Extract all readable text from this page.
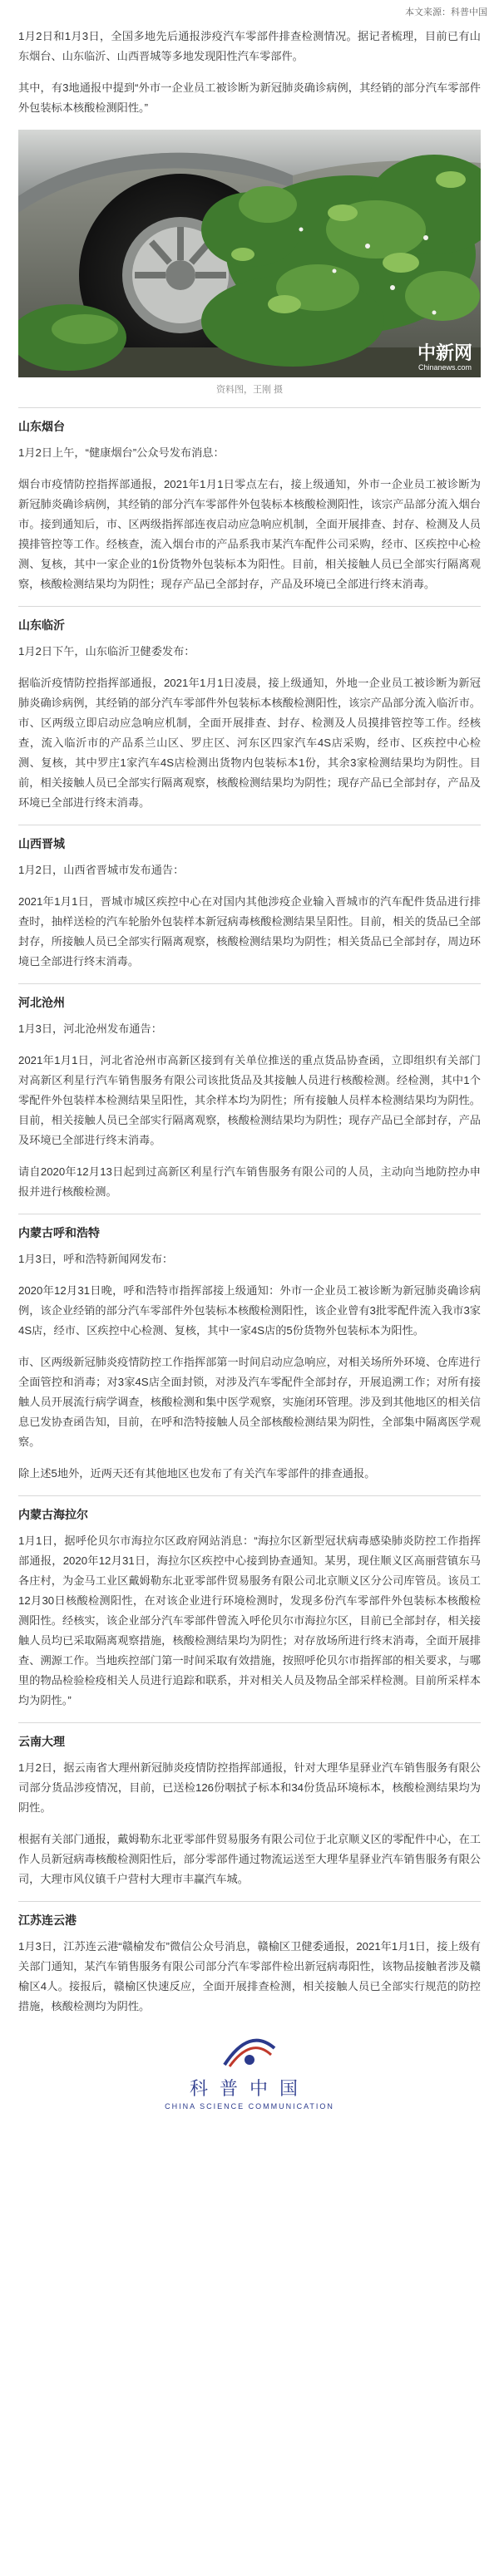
本文来源：科普中国

1月2日和1月3日，全国多地先后通报涉疫汽车零部件排查检测情况。据记者梳理，目前已有山东烟台、山东临沂、山西晋城等多地发现阳性汽车零部件。

其中，有3地通报中提到“外市一企业员工被诊断为新冠肺炎确诊病例，其经销的部分汽车零部件外包装标本核酸检测阳性。”

中新网
Chinanews.com
资料图，王刚 摄
山东烟台

1月2日上午，“健康烟台”公众号发布消息：

烟台市疫情防控指挥部通报，2021年1月1日零点左右，接上级通知，外市一企业员工被诊断为新冠肺炎确诊病例，其经销的部分汽车零部件外包装标本核酸检测阳性，该宗产品部分流入烟台市。接到通知后，市、区两级指挥部连夜启动应急响应机制，全面开展排查、封存、检测及人员摸排管控等工作。经核查，流入烟台市的产品系我市某汽车配件公司采购，经市、区疾控中心检测、复核，其中一家企业的1份货物外包装标本为阳性。目前，相关接触人员已全部实行隔离观察，核酸检测结果均为阴性；现存产品已全部封存，产品及环境已全部进行终末消毒。

山东临沂

1月2日下午，山东临沂卫健委发布：

据临沂疫情防控指挥部通报，2021年1月1日凌晨，接上级通知，外地一企业员工被诊断为新冠肺炎确诊病例，其经销的部分汽车零部件外包装标本核酸检测阳性，该宗产品部分流入临沂市。市、区两级立即启动应急响应机制，全面开展排查、封存、检测及人员摸排管控等工作。经核查，流入临沂市的产品系兰山区、罗庄区、河东区四家汽车4S店采购，经市、区疾控中心检测、复核，其中罗庄1家汽车4S店检测出货物内包装标本1份，其余3家检测结果均为阴性。目前，相关接触人员已全部实行隔离观察，核酸检测结果均为阴性；现存产品已全部封存，产品及环境已全部进行终末消毒。

山西晋城

1月2日，山西省晋城市发布通告：

2021年1月1日，晋城市城区疾控中心在对国内其他涉疫企业输入晋城市的汽车配件货品进行排查时，抽样送检的汽车轮胎外包装样本新冠病毒核酸检测结果呈阳性。目前，相关的货品已全部封存，所接触人员已全部实行隔离观察，核酸检测结果均为阴性；相关货品已全部封存，周边环境已全部进行终末消毒。

河北沧州

1月3日，河北沧州发布通告：

2021年1月1日，河北省沧州市高新区接到有关单位推送的重点货品协查函，立即组织有关部门对高新区利星行汽车销售服务有限公司该批货品及其接触人员进行核酸检测。经检测，其中1个零配件外包装样本检测结果呈阳性，其余样本均为阴性；所有接触人员样本检测结果均为阴性。目前，相关接触人员已全部实行隔离观察，核酸检测结果均为阴性；现存产品已全部封存，产品及环境已全部进行终末消毒。

请自2020年12月13日起到过高新区利星行汽车销售服务有限公司的人员，主动向当地防控办申报并进行核酸检测。

内蒙古呼和浩特

1月3日，呼和浩特新闻网发布：

2020年12月31日晚，呼和浩特市指挥部接上级通知：外市一企业员工被诊断为新冠肺炎确诊病例，该企业经销的部分汽车零部件外包装标本核酸检测阳性，该企业曾有3批零配件流入我市3家4S店，经市、区疾控中心检测、复核，其中一家4S店的5份货物外包装标本为阳性。

市、区两级新冠肺炎疫情防控工作指挥部第一时间启动应急响应，对相关场所外环境、仓库进行全面管控和消毒；对3家4S店全面封锁，对涉及汽车零配件全部封存，开展追溯工作；对所有接触人员开展流行病学调查，核酸检测和集中医学观察，实施闭环管理。涉及到其他地区的相关信息已发协查函告知，目前，在呼和浩特接触人员全部核酸检测结果为阴性，全部集中隔离医学观察。

除上述5地外，近两天还有其他地区也发布了有关汽车零部件的排查通报。

内蒙古海拉尔

1月1日，据呼伦贝尔市海拉尔区政府网站消息：“海拉尔区新型冠状病毒感染肺炎防控工作指挥部通报，2020年12月31日，海拉尔区疾控中心接到协查通知。某男，现住顺义区高丽营镇东马各庄村，为金马工业区戴姆勒东北亚零部件贸易服务有限公司北京顺义区分公司库管员。该员工12月30日核酸检测阳性，在对该企业进行环境检测时，发现多份汽车零部件外包装标本核酸检测阳性。经核实，该企业部分汽车零部件曾流入呼伦贝尔市海拉尔区，目前已全部封存，相关接触人员均已采取隔离观察措施，核酸检测结果均为阴性；对存放场所进行终末消毒，全面开展排查、溯源工作。当地疾控部门第一时间采取有效措施，按照呼伦贝尔市指挥部的相关要求，与哪里的物品检验检疫相关人员进行追踪和联系，并对相关人员及物品全部采样检测。目前所采样本均为阴性。”

云南大理

1月2日，据云南省大理州新冠肺炎疫情防控指挥部通报，针对大理华星驿业汽车销售服务有限公司部分货品涉疫情况，目前，已送检126份咽拭子标本和34份货品环境标本，核酸检测结果均为阴性。

根据有关部门通报，戴姆勒东北亚零部件贸易服务有限公司位于北京顺义区的零配件中心，在工作人员新冠病毒核酸检测阳性后，部分零部件通过物流运送至大理华星驿业汽车销售服务有限公司，大理市风仪镇千户营村大理市丰赢汽车城。

江苏连云港

1月3日，江苏连云港“赣榆发布”微信公众号消息，赣榆区卫健委通报，2021年1月1日，接上级有关部门通知，某汽车销售服务有限公司部分汽车零部件检出新冠病毒阳性，该物品接触者涉及赣榆区4人。接报后，赣榆区快速反应，全面开展排查检测，相关接触人员已全部实行规范的防控措施，核酸检测均为阴性。

科普中国
CHINA SCIENCE COMMUNICATION
